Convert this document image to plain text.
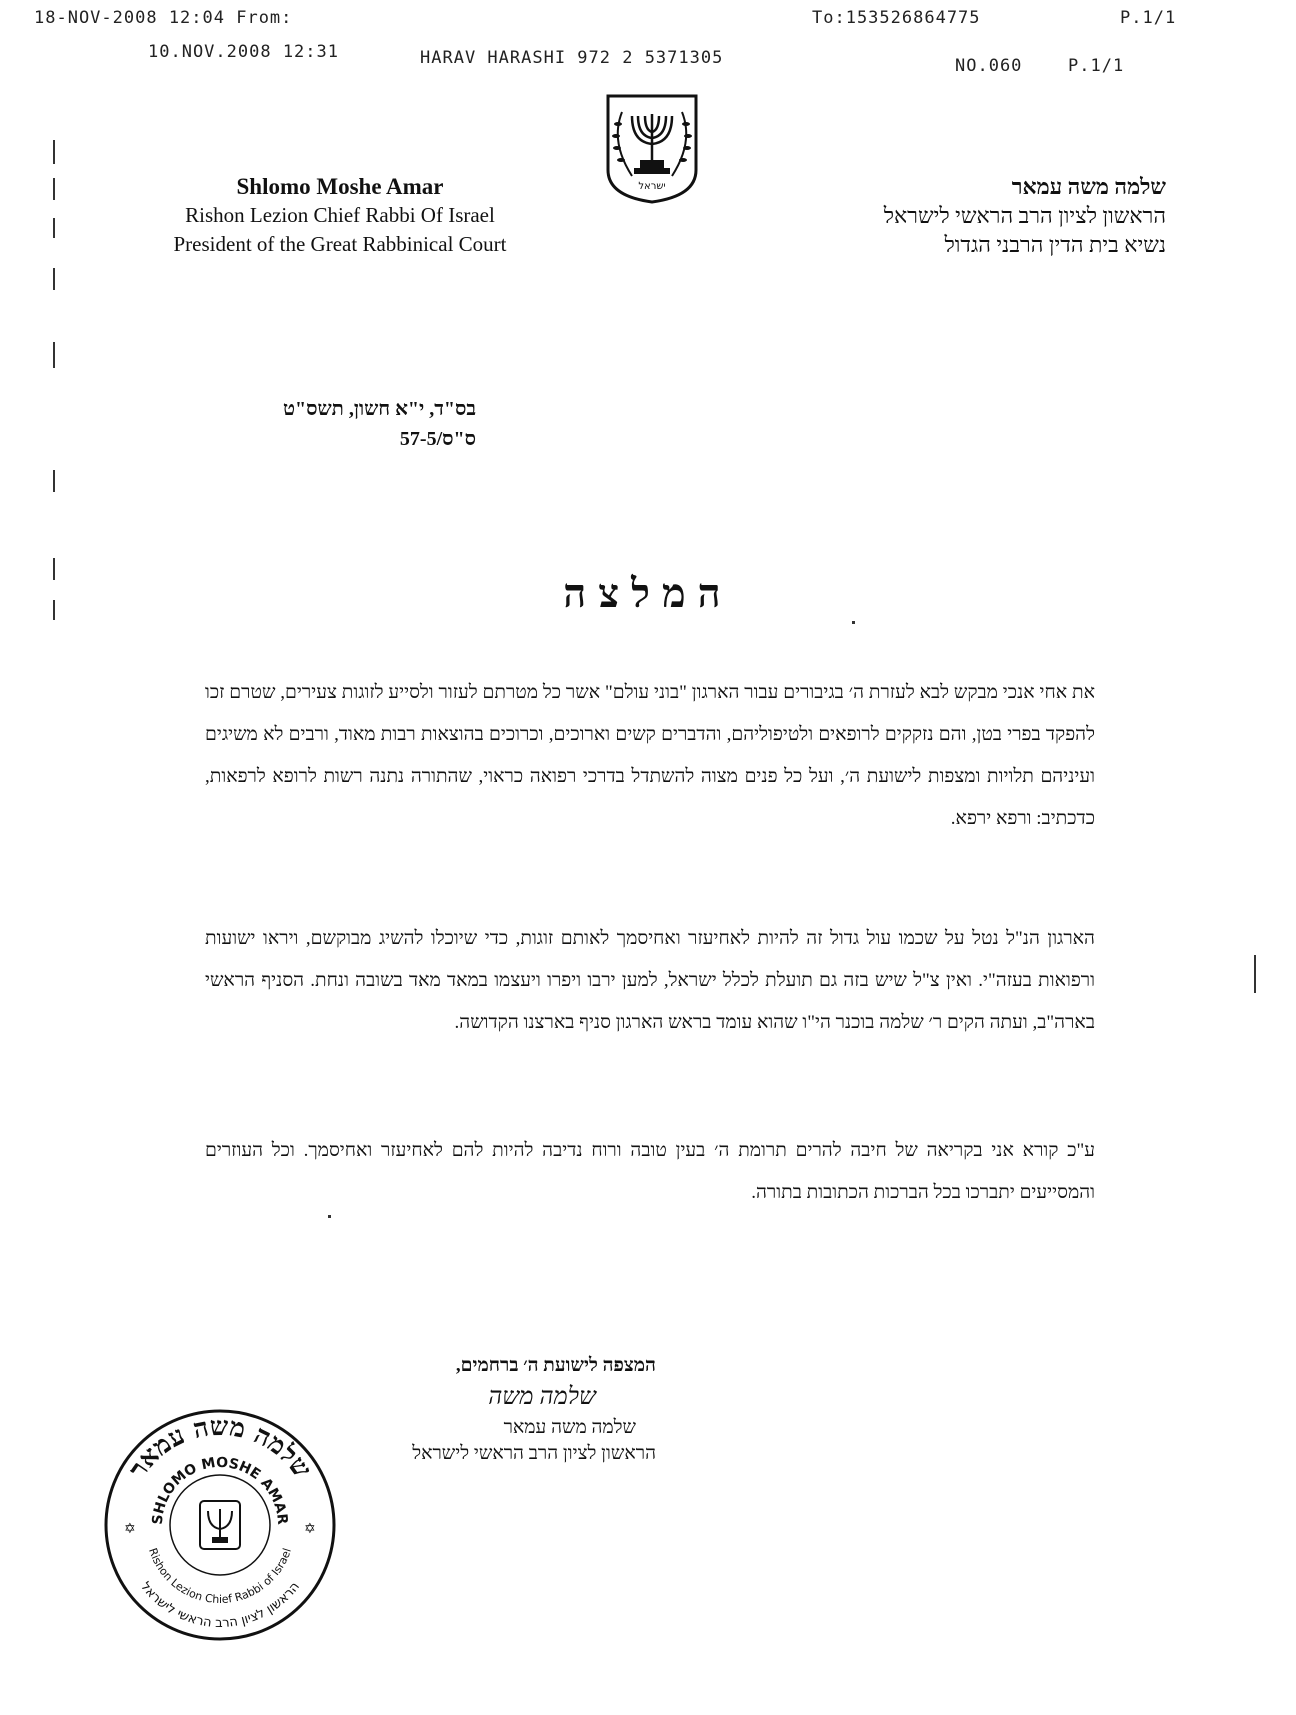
18-NOV-2008 12:04 From:	To:153526864775	P.1/1
10.NOV.2008 12:31	HARAV HARASHI 972 2 5371305	NO.060	P.1/1
Shlomo Moshe Amar
Rishon Lezion Chief Rabbi Of Israel
President of the Great Rabbinical Court
ישראל	שלמה משה עמאר
הראשון לציון הרב הראשי לישראל
נשיא בית הדין הרבני הגדול
בס"ד, י"א חשון, תשס"ט
ס"ס/57-5
המלצה
את אחי אנכי מבקש לבא לעזרת ה׳ בגיבורים עבור הארגון "בוני עולם" אשר כל מטרתם לעזור ולסייע לזוגות צעירים, שטרם זכו להפקד בפרי בטן, והם נזקקים לרופאים ולטיפוליהם, והדברים קשים וארוכים, וכרוכים בהוצאות רבות מאוד, ורבים לא משיגים ועיניהם תלויות ומצפות לישועת ה׳, ועל כל פנים מצוה להשתדל בדרכי רפואה כראוי, שהתורה נתנה רשות לרופא לרפאות, כדכתיב: ורפא ירפא.
הארגון הנ"ל נטל על שכמו עול גדול זה להיות לאחיעזר ואחיסמך לאותם זוגות, כדי שיוכלו להשיג מבוקשם, ויראו ישועות ורפואות בעזה"י. ואין צ"ל שיש בזה גם תועלת לכלל ישראל, למען ירבו ויפרו ויעצמו במאד מאד בשובה ונחת. הסניף הראשי בארה"ב, ועתה הקים ר׳ שלמה בוכנר הי"ו שהוא עומד בראש הארגון סניף בארצנו הקדושה.
ע"כ קורא אני בקריאה של חיבה להרים תרומת ה׳ בעין טובה ורוח נדיבה להיות להם לאחיעזר ואחיסמך. וכל העוזרים והמסייעים יתברכו בכל הברכות הכתובות בתורה.
המצפה לישועת ה׳ ברחמים,
שלמה משה
שלמה משה עמאר
הראשון לציון הרב הראשי לישראל
שלמה משה עמאר
SHLOMO MOSHE AMAR
Rishon Lezion Chief Rabbi of Israel
הראשון לציון הרב הראשי לישראל
✡	✡
